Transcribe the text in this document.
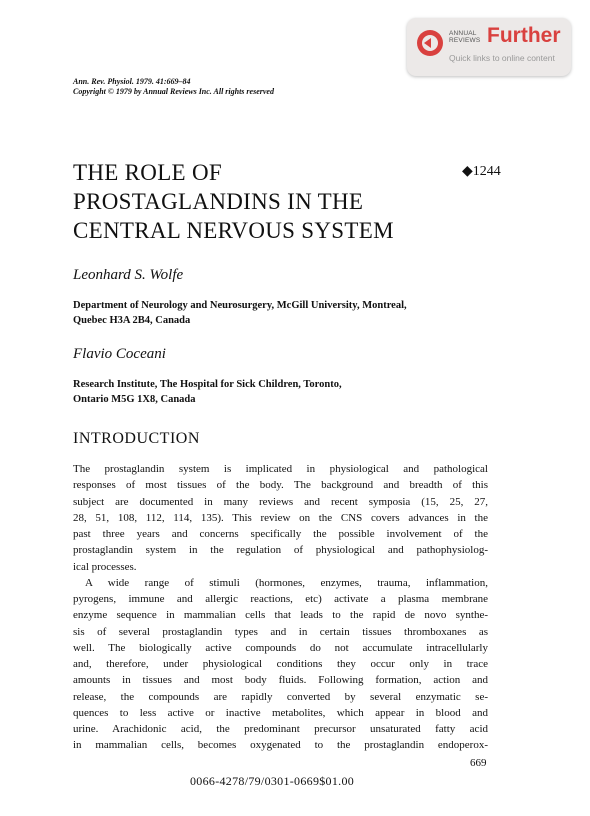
ANNUAL REVIEWS Further
Quick links to online content
Ann. Rev. Physiol. 1979. 41:669–84
Copyright © 1979 by Annual Reviews Inc. All rights reserved
THE ROLE OF
PROSTAGLANDINS IN THE
CENTRAL NERVOUS SYSTEM
◆1244
Leonhard S. Wolfe
Department of Neurology and Neurosurgery, McGill University, Montreal,
Quebec H3A 2B4, Canada
Flavio Coceani
Research Institute, The Hospital for Sick Children, Toronto,
Ontario M5G 1X8, Canada
INTRODUCTION
The prostaglandin system is implicated in physiological and pathological
responses of most tissues of the body. The background and breadth of this
subject are documented in many reviews and recent symposia (15, 25, 27,
28, 51, 108, 112, 114, 135). This review on the CNS covers advances in the
past three years and concerns specifically the possible involvement of the
prostaglandin system in the regulation of physiological and pathophysiolog-
ical processes.
A wide range of stimuli (hormones, enzymes, trauma, inflammation,
pyrogens, immune and allergic reactions, etc) activate a plasma membrane
enzyme sequence in mammalian cells that leads to the rapid de novo synthe-
sis of several prostaglandin types and in certain tissues thromboxanes as
well. The biologically active compounds do not accumulate intracellularly
and, therefore, under physiological conditions they occur only in trace
amounts in tissues and most body fluids. Following formation, action and
release, the compounds are rapidly converted by several enzymatic se-
quences to less active or inactive metabolites, which appear in blood and
urine. Arachidonic acid, the predominant precursor unsaturated fatty acid
in mammalian cells, becomes oxygenated to the prostaglandin endoperox-
669
0066-4278/79/0301-0669$01.00
